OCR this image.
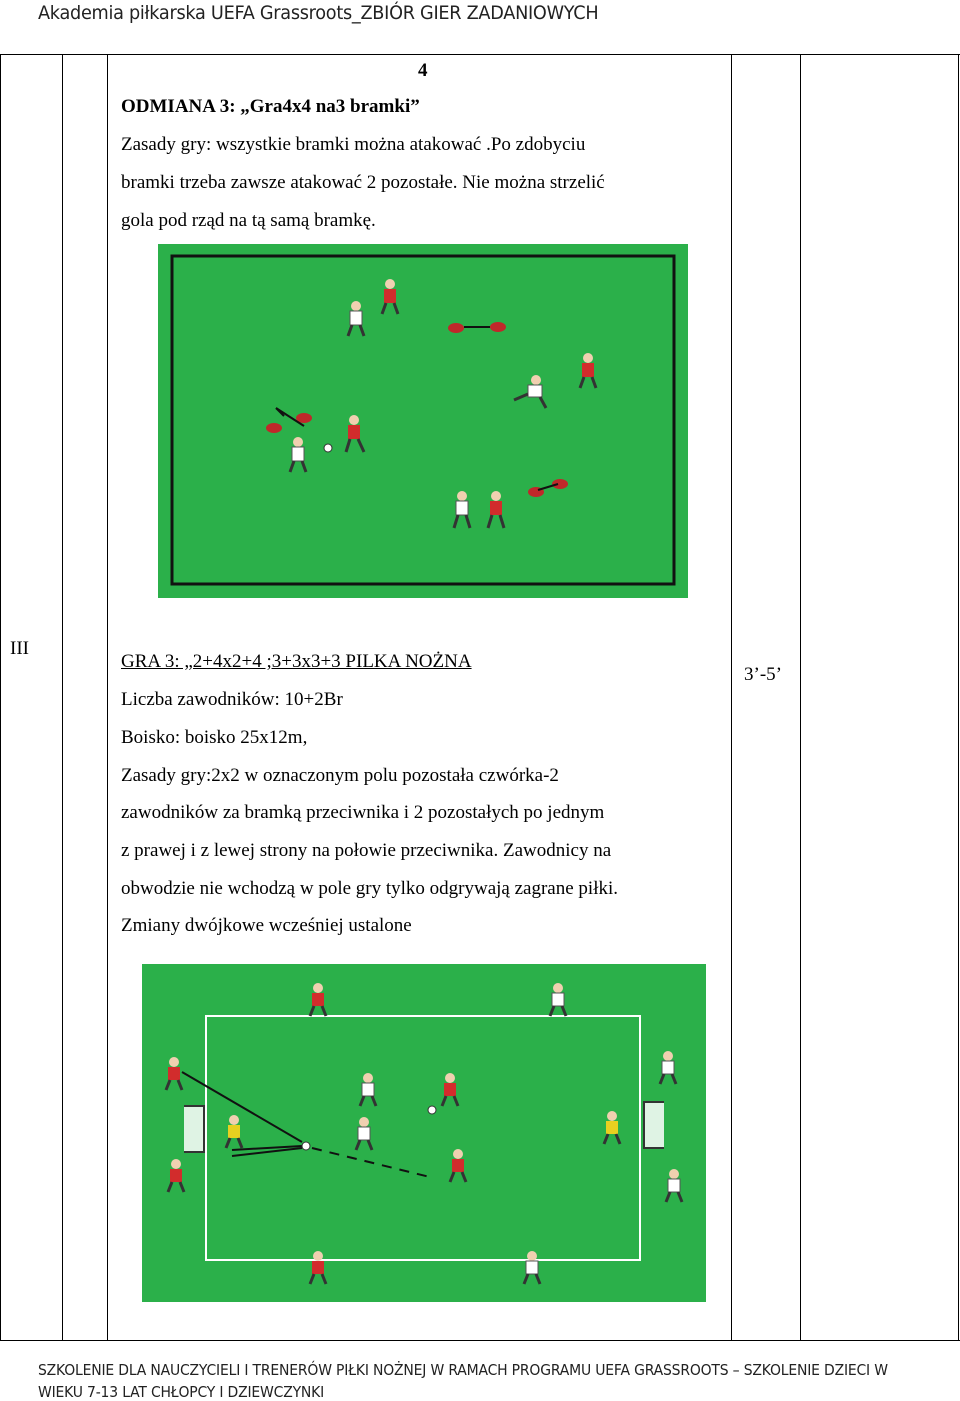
Akademia piłkarska UEFA Grassroots_ZBIÓR GIER ZADANIOWYCH
4
ODMIANA 3: „Gra4x4 na3 bramki”
Zasady gry: wszystkie bramki można atakować .Po zdobyciu
bramki trzeba zawsze atakować 2 pozostałe. Nie można strzelić
gola pod rząd na tą samą bramkę.
III
3’-5’
GRA 3: „2+4x2+4 ;3+3x3+3 PILKA NOŻNA
Liczba zawodników: 10+2Br
Boisko: boisko 25x12m,
Zasady gry:2x2 w oznaczonym polu pozostała czwórka-2
zawodników za bramką przeciwnika i 2 pozostałych po jednym
z prawej i z lewej strony na połowie przeciwnika. Zawodnicy na
obwodzie nie wchodzą w pole gry tylko odgrywają zagrane piłki.
Zmiany dwójkowe wcześniej ustalone
SZKOLENIE DLA NAUCZYCIELI I TRENERÓW PIŁKI NOŻNEJ W RAMACH PROGRAMU UEFA GRASSROOTS – SZKOLENIE DZIECI W
WIEKU 7-13 LAT CHŁOPCY I DZIEWCZYNKI
